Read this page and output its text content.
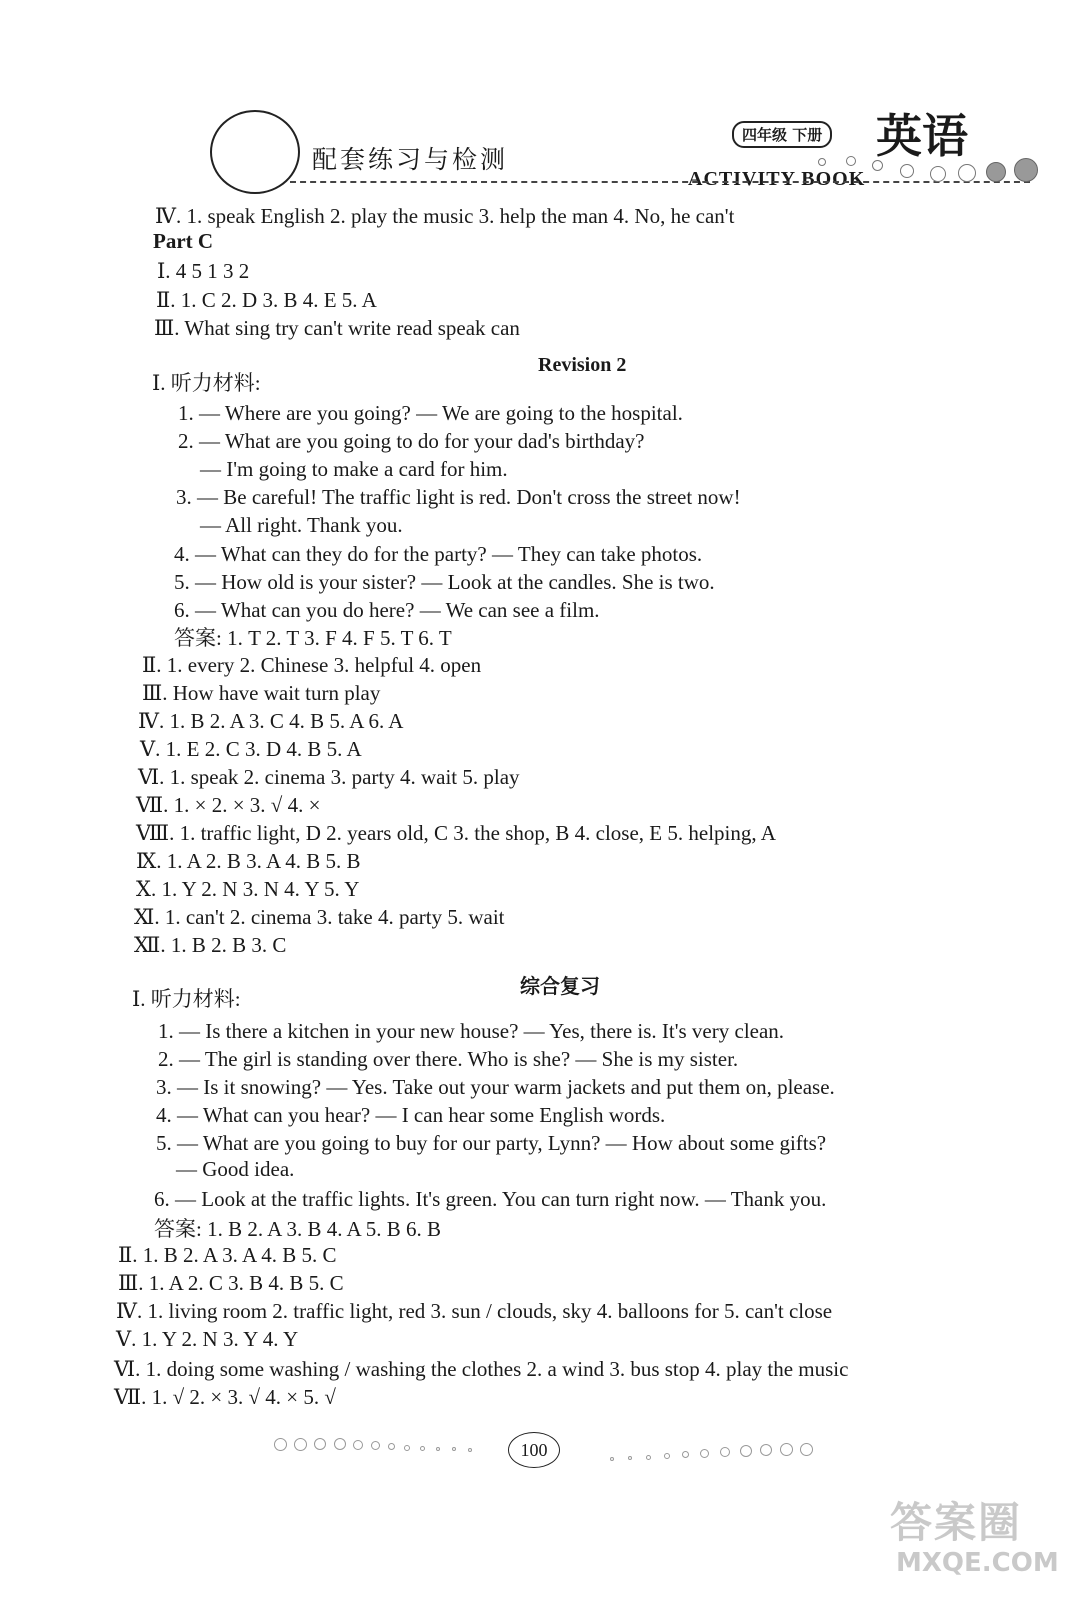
配套练习与检测
四年级 下册 英语
ACTIVITY BOOK
Ⅳ. 1. speak English 2. play the music 3. help the man 4. No, he can't
Part C
Ⅰ. 4 5 1 3 2
Ⅱ. 1. C 2. D 3. B 4. E 5. A
Ⅲ. What sing try can't write read speak can
Revision 2
Ⅰ. 听力材料:
1. — Where are you going? — We are going to the hospital.
2. — What are you going to do for your dad's birthday?
— I'm going to make a card for him.
3. — Be careful! The traffic light is red. Don't cross the street now!
— All right. Thank you.
4. — What can they do for the party? — They can take photos.
5. — How old is your sister? — Look at the candles. She is two.
6. — What can you do here? — We can see a film.
答案: 1. T 2. T 3. F 4. F 5. T 6. T
Ⅱ. 1. every 2. Chinese 3. helpful 4. open
Ⅲ. How have wait turn play
Ⅳ. 1. B 2. A 3. C 4. B 5. A 6. A
Ⅴ. 1. E 2. C 3. D 4. B 5. A
Ⅵ. 1. speak 2. cinema 3. party 4. wait 5. play
Ⅶ. 1. × 2. × 3. √ 4. ×
Ⅷ. 1. traffic light, D 2. years old, C 3. the shop, B 4. close, E 5. helping, A
Ⅸ. 1. A 2. B 3. A 4. B 5. B
Ⅹ. 1. Y 2. N 3. N 4. Y 5. Y
Ⅺ. 1. can't 2. cinema 3. take 4. party 5. wait
Ⅻ. 1. B 2. B 3. C
综合复习
Ⅰ. 听力材料:
1. — Is there a kitchen in your new house? — Yes, there is. It's very clean.
2. — The girl is standing over there. Who is she? — She is my sister.
3. — Is it snowing? — Yes. Take out your warm jackets and put them on, please.
4. — What can you hear? — I can hear some English words.
5. — What are you going to buy for our party, Lynn? — How about some gifts?
— Good idea.
6. — Look at the traffic lights. It's green. You can turn right now. — Thank you.
答案: 1. B 2. A 3. B 4. A 5. B 6. B
Ⅱ. 1. B 2. A 3. A 4. B 5. C
Ⅲ. 1. A 2. C 3. B 4. B 5. C
Ⅳ. 1. living room 2. traffic light, red 3. sun / clouds, sky 4. balloons for 5. can't close
Ⅴ. 1. Y 2. N 3. Y 4. Y
Ⅵ. 1. doing some washing / washing the clothes 2. a wind 3. bus stop 4. play the music
Ⅶ. 1. √ 2. × 3. √ 4. × 5. √
100
答案圈
MXQE.COM
